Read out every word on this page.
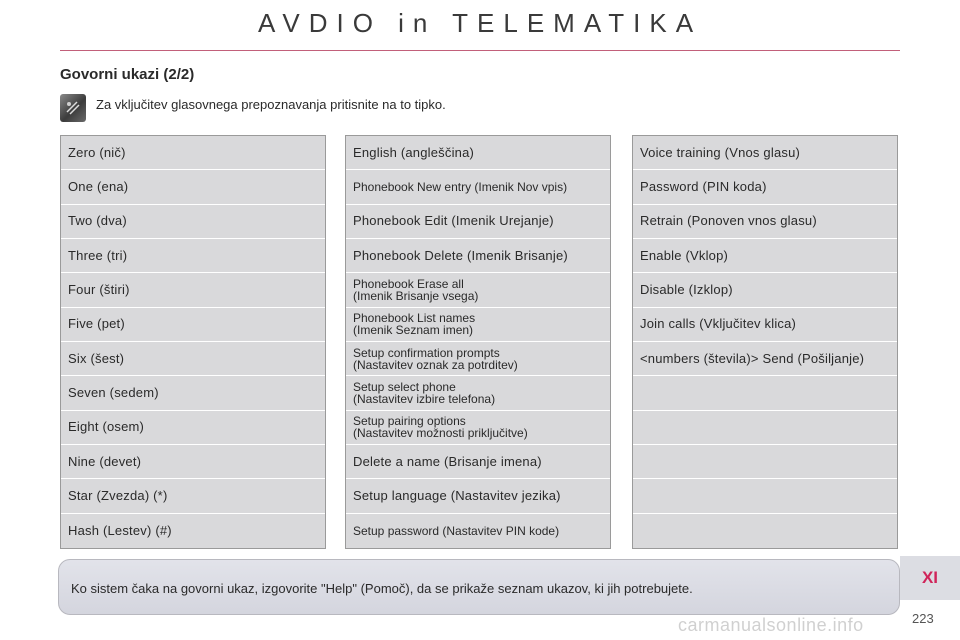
AVDIO in TELEMATIKA
Govorni ukazi (2/2)
Za vključitev glasovnega prepoznavanja pritisnite na to tipko.
Zero (nič)
One (ena)
Two (dva)
Three (tri)
Four (štiri)
Five (pet)
Six (šest)
Seven (sedem)
Eight (osem)
Nine (devet)
Star (Zvezda) (*)
Hash (Lestev) (#)
English (angleščina)
Phonebook New entry (Imenik Nov vpis)
Phonebook Edit (Imenik Urejanje)
Phonebook Delete (Imenik Brisanje)
Phonebook Erase all
(Imenik Brisanje vsega)
Phonebook List names
(Imenik Seznam imen)
Setup confirmation prompts
(Nastavitev oznak za potrditev)
Setup select phone
(Nastavitev izbire telefona)
Setup pairing options
(Nastavitev možnosti priključitve)
Delete a name (Brisanje imena)
Setup language (Nastavitev jezika)
Setup password (Nastavitev PIN kode)
Voice training (Vnos glasu)
Password (PIN koda)
Retrain (Ponoven vnos glasu)
Enable (Vklop)
Disable (Izklop)
Join calls (Vključitev klica)
<numbers (številа)> Send (Pošiljanje)
Ko sistem čaka na govorni ukaz, izgovorite "Help" (Pomoč), da se prikaže seznam ukazov, ki jih potrebujete.
XI
223
carmanualsonline.info
